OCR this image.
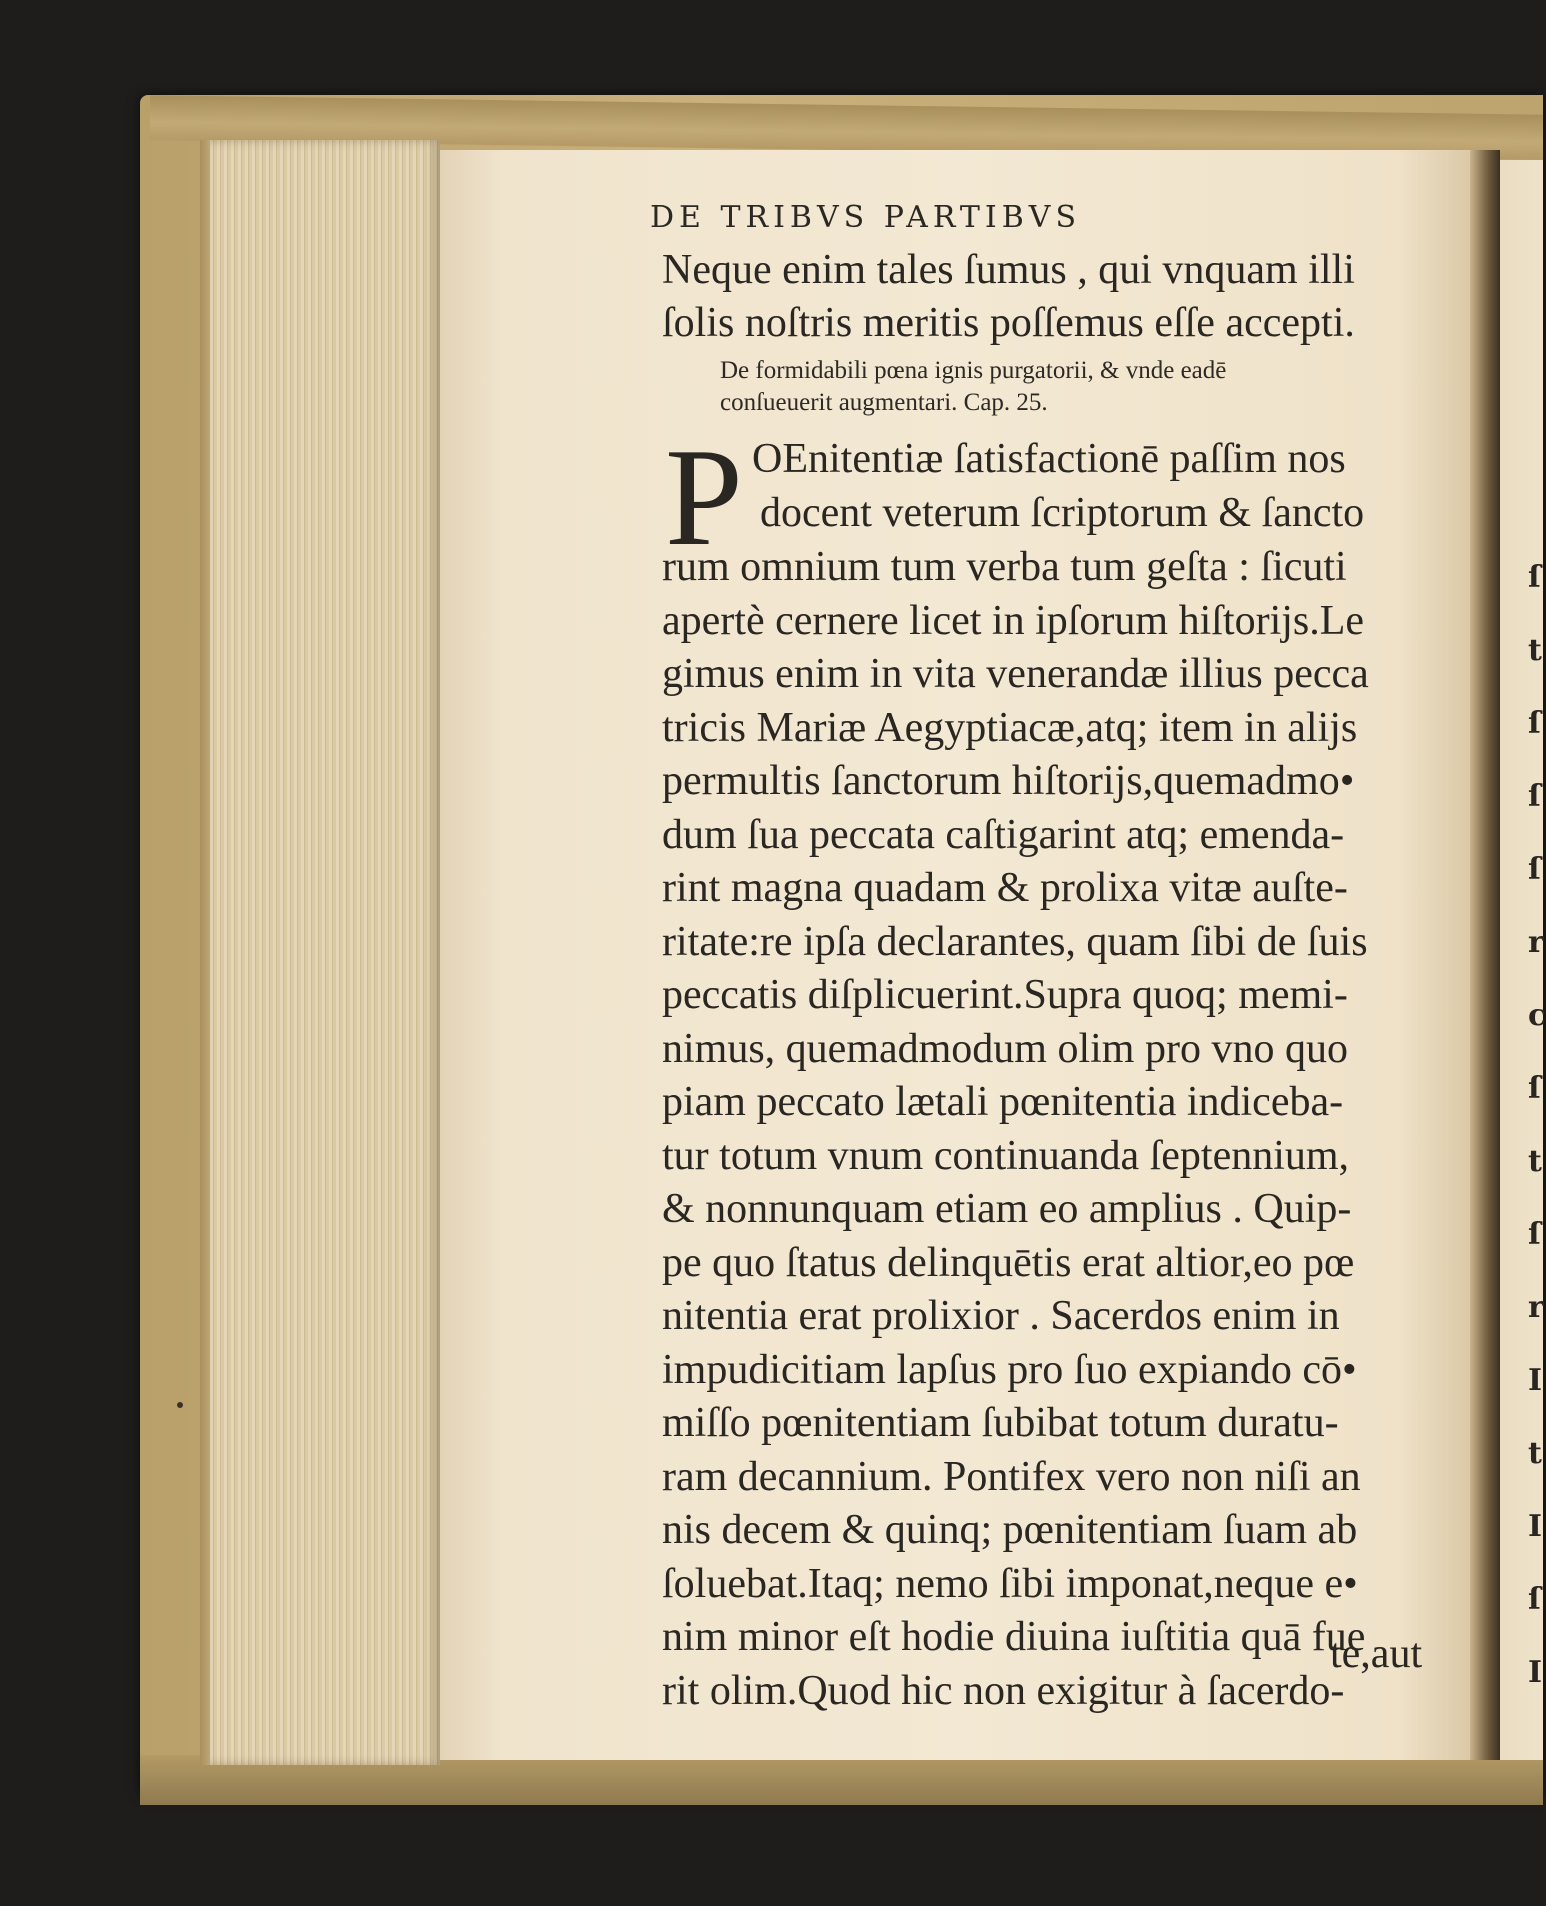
DE TRIBVS PARTIBVS
Neque enim tales ſumus , qui vnquam illi
ſolis noſtris meritis poſſemus eſſe accepti.
De formidabili pœna ignis purgatorii, & vnde eadē
conſueuerit augmentari. Cap. 25.
P OEnitentiæ ſatisfactionē paſſim nos
docent veterum ſcriptorum & ſancto
rum omnium tum verba tum geſta : ſicuti
apertè cernere licet in ipſorum hiſtorijs.Le
gimus enim in vita venerandæ illius pecca
tricis Mariæ Aegyptiacæ,atq; item in alijs
permultis ſanctorum hiſtorijs,quemadmo•
dum ſua peccata caſtigarint atq; emenda-
rint magna quadam & prolixa vitæ auſte-
ritate:re ipſa declarantes, quam ſibi de ſuis
peccatis diſplicuerint.Supra quoq; memi-
nimus, quemadmodum olim pro vno quo
piam peccato lætali pœnitentia indiceba-
tur totum vnum continuanda ſeptennium,
& nonnunquam etiam eo amplius . Quip-
pe quo ſtatus delinquētis erat altior,eo pœ
nitentia erat prolixior . Sacerdos enim in
impudicitiam lapſus pro ſuo expiando cō•
miſſo pœnitentiam ſubibat totum duratu-
ram decannium. Pontifex vero non niſi an
nis decem & quinq; pœnitentiam ſuam ab
ſoluebat.Itaq; nemo ſibi imponat,neque e•
nim minor eſt hodie diuina iuſtitia quā fue
rit olim.Quod hic non exigitur à ſacerdo-
te,aut
ſ
t
ſ
ſ
ſ
r
c
ſ
t
ſ
r
I
t
I
ſ
I
